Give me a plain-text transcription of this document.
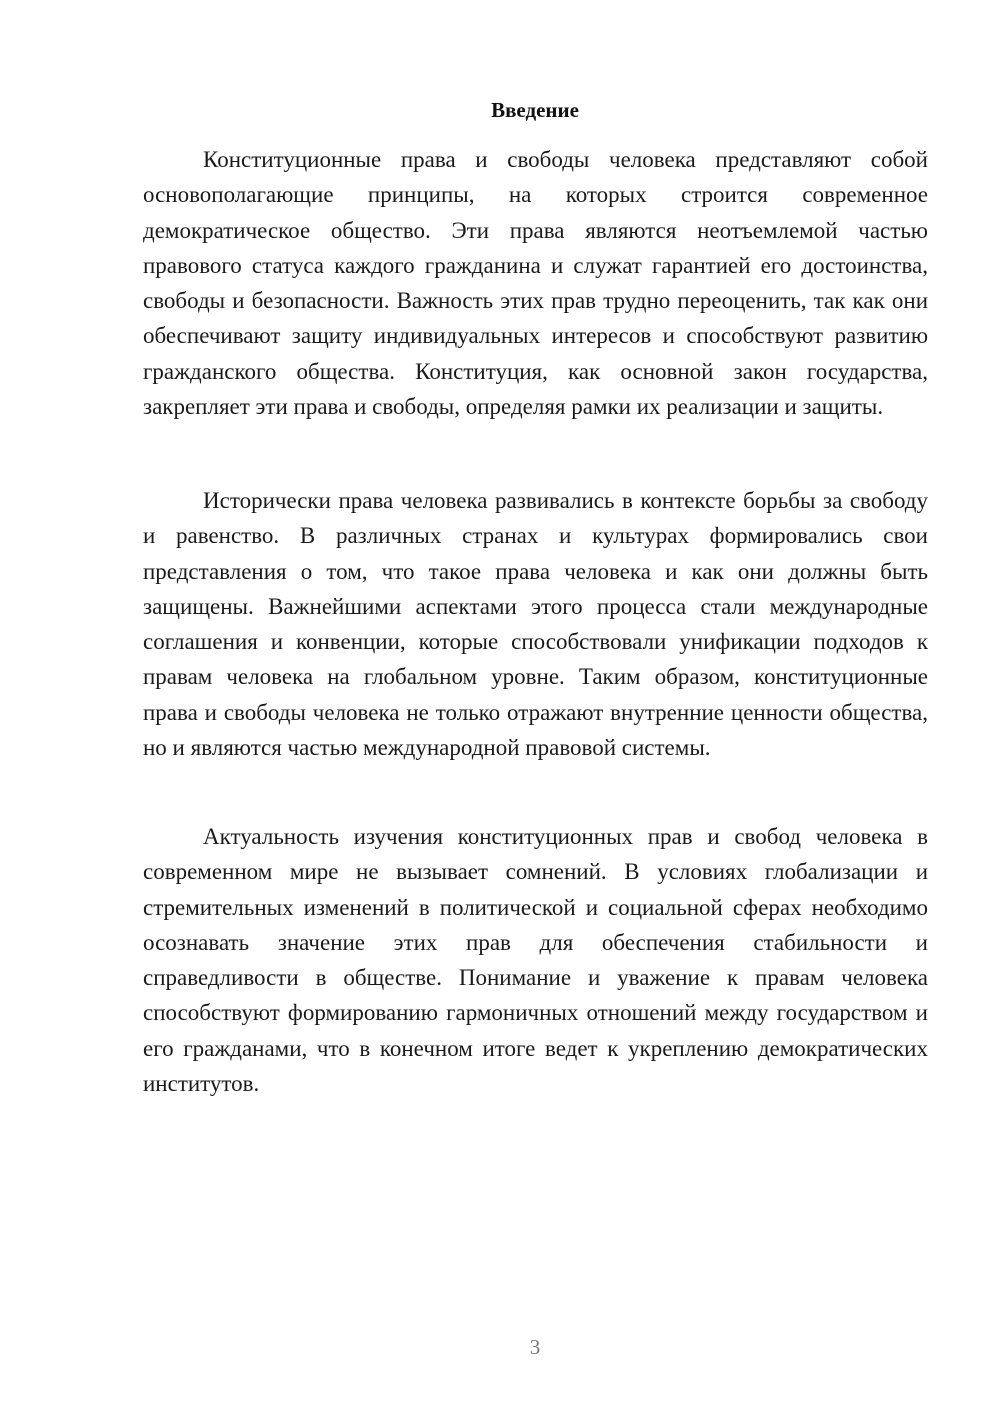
Введение

Конституционные права и свободы человека представляют собой основополагающие принципы, на которых строится современное демократическое общество. Эти права являются неотъемлемой частью правового статуса каждого гражданина и служат гарантией его достоинства, свободы и безопасности. Важность этих прав трудно переоценить, так как они обеспечивают защиту индивидуальных интересов и способствуют развитию гражданского общества. Конституция, как основной закон государства, закрепляет эти права и свободы, определяя рамки их реализации и защиты.

Исторически права человека развивались в контексте борьбы за свободу и равенство. В различных странах и культурах формировались свои представления о том, что такое права человека и как они должны быть защищены. Важнейшими аспектами этого процесса стали международные соглашения и конвенции, которые способствовали унификации подходов к правам человека на глобальном уровне. Таким образом, конституционные права и свободы человека не только отражают внутренние ценности общества, но и являются частью международной правовой системы.

Актуальность изучения конституционных прав и свобод человека в современном мире не вызывает сомнений. В условиях глобализации и стремительных изменений в политической и социальной сферах необходимо осознавать значение этих прав для обеспечения стабильности и справедливости в обществе. Понимание и уважение к правам человека способствуют формированию гармоничных отношений между государством и его гражданами, что в конечном итоге ведет к укреплению демократических институтов.

3
